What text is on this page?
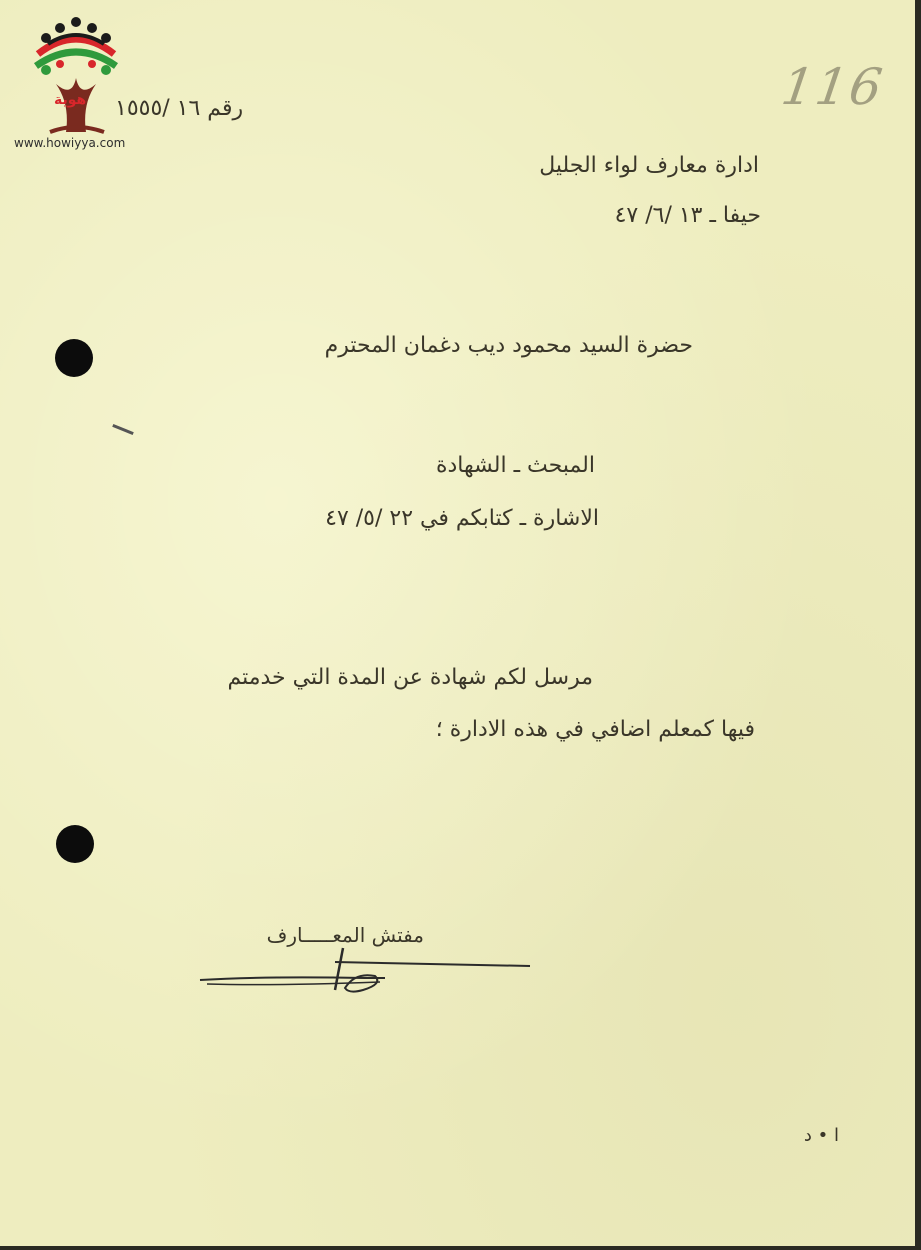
هوية
www.howiyya.com
116
رقم ١٦ /١٥٥٥
ادارة معارف لواء الجليل
حيفا ـ ١٣ /٦/ ٤٧
حضرة السيد محمود ديب دغمان المحترم
المبحث ـ الشهادة
الاشارة ـ كتابكم في ٢٢ /٥/ ٤٧
مرسل لكم شهادة عن المدة التي خدمتم
فيها كمعلم اضافي في هذه الادارة ؛
مفتش المعـــــارف
ا • د
